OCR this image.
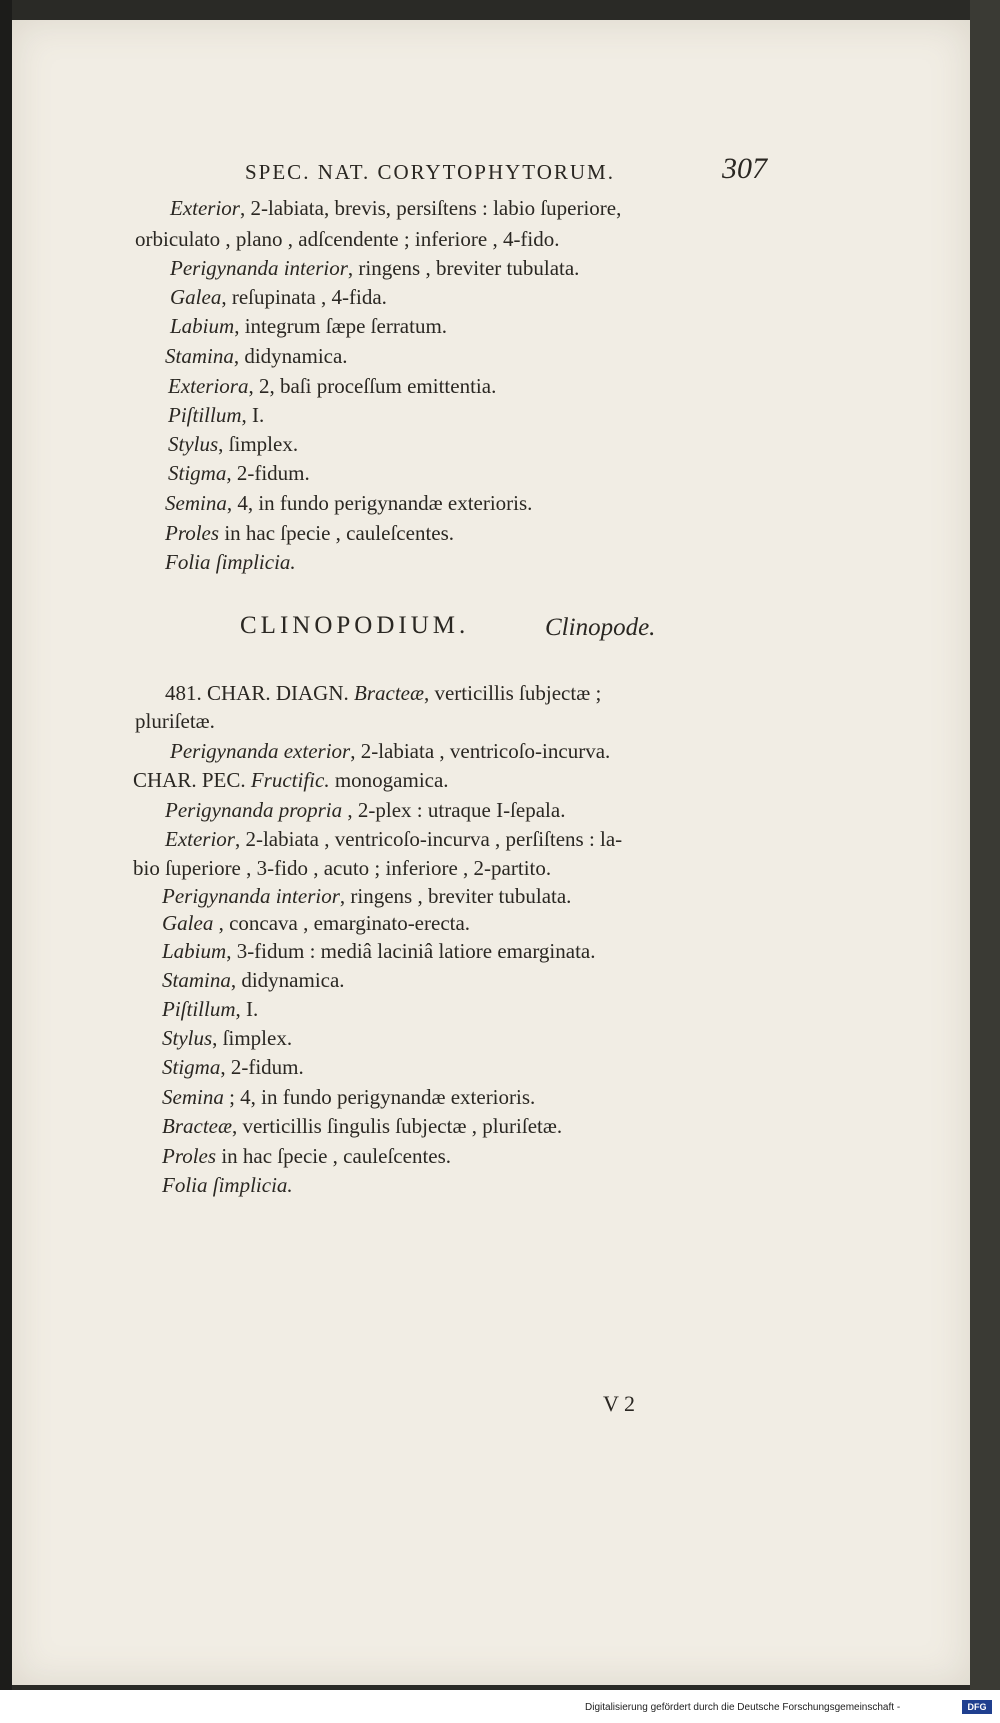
SPEC. NAT. CORYTOPHYTORUM.	307
Exterior, 2-labiata, brevis, persiſtens : labio ſuperiore,
orbiculato , plano , adſcendente ; inferiore , 4-fido.
Perigynanda interior, ringens , breviter tubulata.
Galea, reſupinata , 4-fida.
Labium, integrum ſæpe ſerratum.
Stamina, didynamica.
Exteriora, 2, baſi proceſſum emittentia.
Piſtillum, I.
Stylus, ſimplex.
Stigma, 2-fidum.
Semina, 4, in fundo perigynandæ exterioris.
Proles in hac ſpecie , cauleſcentes.
Folia ſimplicia.
CLINOPODIUM.	Clinopode.
481. CHAR. DIAGN. Bracteæ, verticillis ſubjectæ ;
pluriſetæ.
Perigynanda exterior, 2-labiata , ventricoſo-incurva.
CHAR. PEC. Fructific. monogamica.
Perigynanda propria , 2-plex : utraque I-ſepala.
Exterior, 2-labiata , ventricoſo-incurva , perſiſtens : la-
bio ſuperiore , 3-fido , acuto ; inferiore , 2-partito.
Perigynanda interior, ringens , breviter tubulata.
Galea , concava , emarginato-erecta.
Labium, 3-fidum : mediâ laciniâ latiore emarginata.
Stamina, didynamica.
Piſtillum, I.
Stylus, ſimplex.
Stigma, 2-fidum.
Semina ; 4, in fundo perigynandæ exterioris.
Bracteæ, verticillis ſingulis ſubjectæ , pluriſetæ.
Proles in hac ſpecie , cauleſcentes.
Folia ſimplicia.
V 2
Digitalisierung gefördert durch die Deutsche Forschungsgemeinschaft -	DFG
